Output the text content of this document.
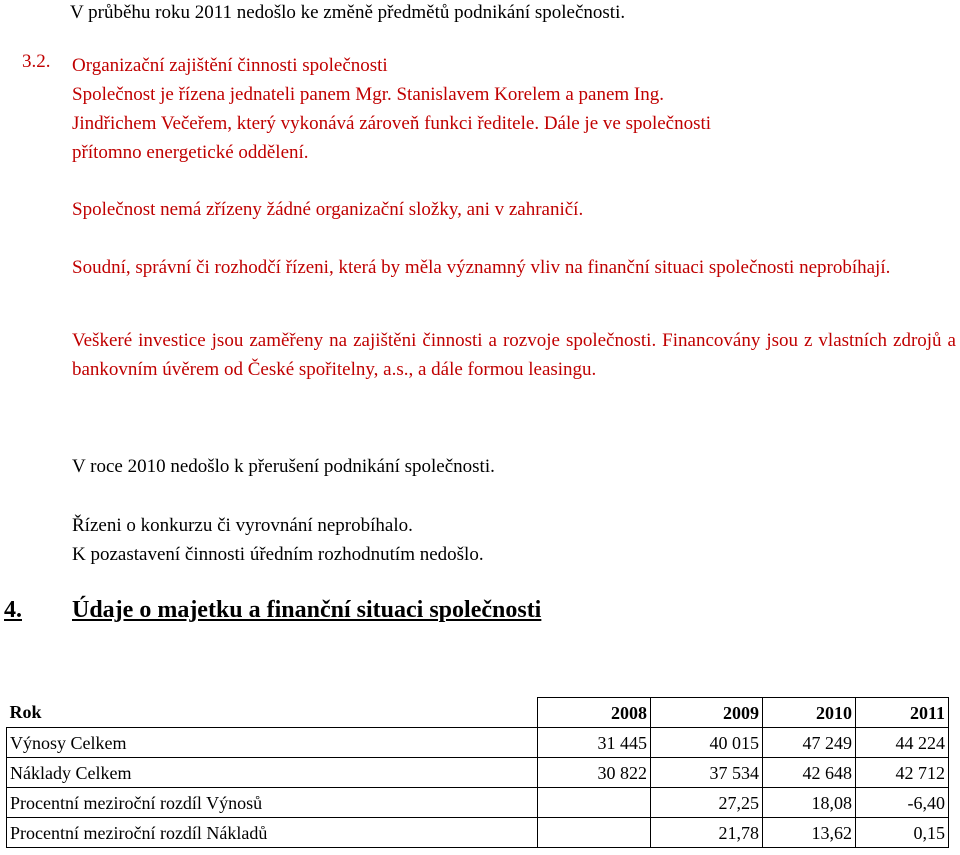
V průběhu roku 2011 nedošlo ke změně předmětů podnikání společnosti.
3.2. Organizační zajištění činnosti společnosti
Společnost je řízena jednateli panem Mgr. Stanislavem Korelem a panem Ing.
Jindřichem Večeřem, který vykonává zároveň funkci ředitele. Dále je ve společnosti
přítomno energetické oddělení.
Společnost nemá zřízeny žádné organizační složky, ani v zahraničí.
Soudní, správní či rozhodčí řízeni, která by měla významný vliv na finanční situaci společnosti neprobíhají.
Veškeré investice jsou zaměřeny na zajištěni činnosti a rozvoje společnosti. Financovány jsou z vlastních zdrojů a bankovním úvěrem od České spořitelny, a.s., a dále formou leasingu.
V roce 2010 nedošlo k přerušení podnikání společnosti.
Řízeni o konkurzu či vyrovnání neprobíhalo.
K pozastavení činnosti úředním rozhodnutím nedošlo.
4. Údaje o majetku a finanční situaci společnosti
Rok	2008	2009	2010	2011
Výnosy Celkem	31 445	40 015	47 249	44 224
Náklady Celkem	30 822	37 534	42 648	42 712
Procentní meziroční rozdíl Výnosů		27,25	18,08	-6,40
Procentní meziroční rozdíl Nákladů		21,78	13,62	0,15
